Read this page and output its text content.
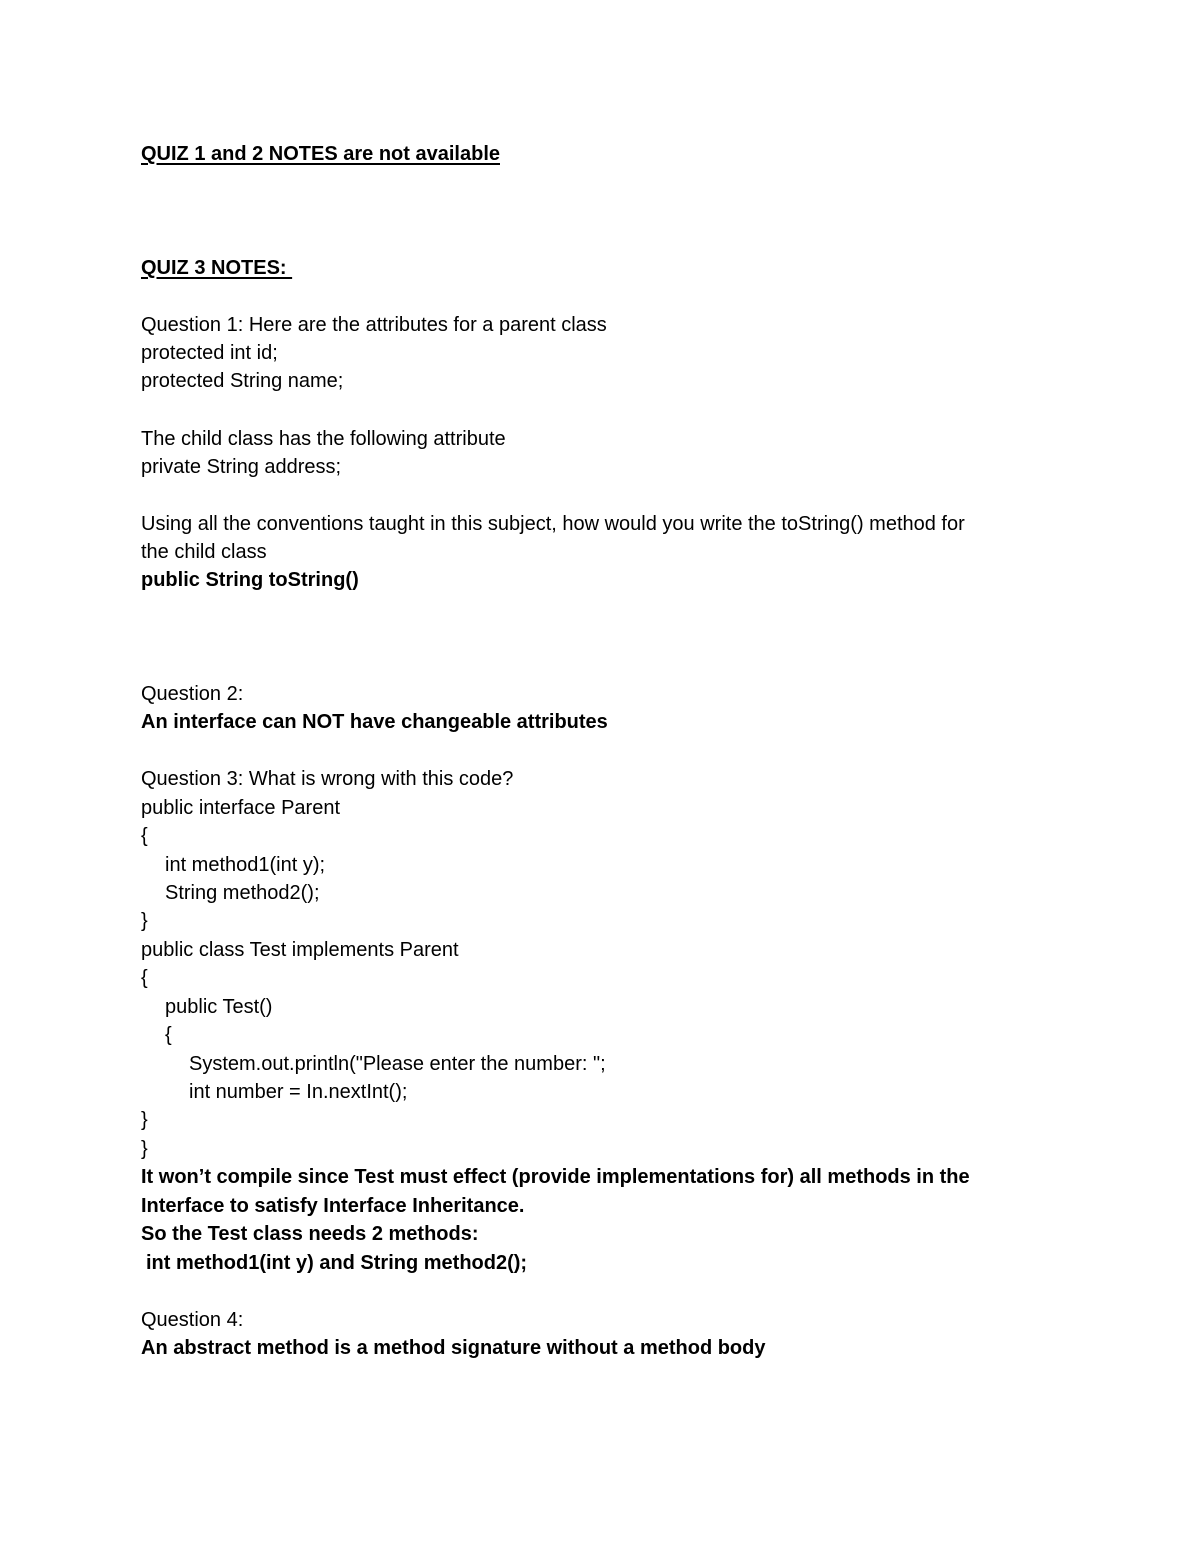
QUIZ 1 and 2 NOTES are not available
QUIZ 3 NOTES:
Question 1: Here are the attributes for a parent class
protected int id;
protected String name;
The child class has the following attribute
private String address;
Using all the conventions taught in this subject, how would you write the toString() method for
the child class
public String toString()
Question 2:
An interface can NOT have changeable attributes
Question 3: What is wrong with this code?
public interface Parent
{
int method1(int y);
String method2();
}
public class Test implements Parent
{
public Test()
{
System.out.println("Please enter the number: ";
int number = In.nextInt();
}
}
It won’t compile since Test must effect (provide implementations for) all methods in the
Interface to satisfy Interface Inheritance.
So the Test class needs 2 methods:
int method1(int y) and String method2();
Question 4:
An abstract method is a method signature without a method body
